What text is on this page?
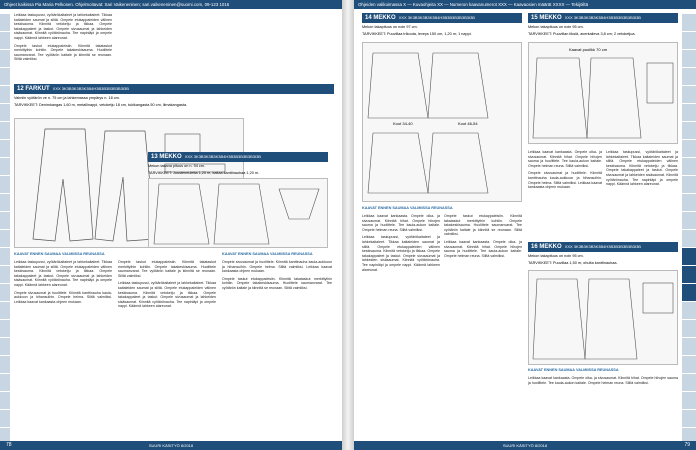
Ohjeet kaikissa Pia Maria Pelkosen. Ohjelmoitavat: Sari Vaikeneninen; sari.vaikeneninen@suomi.com, 09-123 1016
Leikkaa taskupussi, vyötärökaitaleet ja lahkekaitaleet. Tikkaa kaitaleiden saumat ja silitä. Ompele etukappaleiden välinen keskisauma. Kiinnitä vetoketju ja tikkaa. Ompele takakappaleet ja taskut. Ompele sivusaumat ja lahkeiden sisäsaumat. Kiinnitä vyötärönauha. Tee napinläpi ja ompele nappi. Käännä lahkeen alareunat.
Ompele taskut etukappaleisiin. Kiinnitä takataskut merkittyihin kohtiin. Ompele takakeskisauma. Huolittele saumanvarat. Tee vyötärön kaitale ja kiinnitä se reunaan. Silitä valmiiksi.
12 FARKUT XXX 3K3B3K3B3K3B4H3B3B3B3B3B3I3B
Valmiin vyötärön ve n. 75 cm ja lahkemassa ympärys n. 18 cm.
TARVIKKEET: Denimkangas 1,60 m, metallinappi, vetoketju 18 cm, tukikangasta 50 cm, liimakangasta.
KAAVAT ENNEN SAUMAA VALMIISSA REUNASSA
Leikkaa taskupussi, vyötärökaitaleet ja lahkekaitaleet. Tikkaa kaitaleiden saumat ja silitä. Ompele etukappaleiden välinen keskisauma. Kiinnitä vetoketju ja tikkaa. Ompele takakappaleet ja taskut. Ompele sivusaumat ja lahkeiden sisäsaumat. Kiinnitä vyötärönauha. Tee napinläpi ja ompele nappi. Käännä lahkeen alareunat.
Ompele sivusaumat ja huolittele. Kiinnitä kanttinauha kaula-aukkoon ja hihansuihin. Ompele helma. Silitä valmiiksi. Leikkaa kaavat kankaasta ohjeen mukaan.
Ompele taskut etukappaleisiin. Kiinnitä takataskut merkittyihin kohtiin. Ompele takakeskisauma. Huolittele saumanvarat. Tee vyötärön kaitale ja kiinnitä se reunaan. Silitä valmiiksi.
Leikkaa taskupussi, vyötärökaitaleet ja lahkekaitaleet. Tikkaa kaitaleiden saumat ja silitä. Ompele etukappaleiden välinen keskisauma. Kiinnitä vetoketju ja tikkaa. Ompele takakappaleet ja taskut. Ompele sivusaumat ja lahkeiden sisäsaumat. Kiinnitä vyötärönauha. Tee napinläpi ja ompele nappi. Käännä lahkeen alareunat.
13 MEKKO XXX 3K3B3K3B3K3B4H3B3B3B3B3B3I3B
Mekon takana pituus on n. 94 cm.
TARVIKKEET: Jousteneuletta 1,20 m, kaitaa kanttinauhaa 1,20 m.
KAAVAT ENNEN SAUMAA VALMIISSA REUNASSA
Ompele sivusaumat ja huolittele. Kiinnitä kanttinauha kaula-aukkoon ja hihansuihin. Ompele helma. Silitä valmiiksi. Leikkaa kaavat kankaasta ohjeen mukaan.
Ompele taskut etukappaleisiin. Kiinnitä takataskut merkittyihin kohtiin. Ompele takakeskisauma. Huolittele saumanvarat. Tee vyötärön kaitale ja kiinnitä se reunaan. Silitä valmiiksi.
SUURI KÄSITYÖ 8/2018
78
Ohjeiden valikoimassa X — Kuvaohjeita XX — Numeron kaavanumerot XXX — Kaavaosien määrät XXXX — Tekijöiltä
14 MEKKO XXX 3K3B3K3B3K3B4H3B3B3B3B3B3I3B
Mekon takapituus on noin 97 cm.
TARVIKKEET: Puuvillaa trikoota, leveys 150 cm, 1,20 m; 1 nappi.
Koot 34-40	Koot 46-54
KAAVAT ENNEN SAUMAA VALMIISSA REUNASSA
Leikkaa kaavat kankaasta. Ompele olka- ja sivusaumat. Kiinnitä hihat. Ompele hihojen sauma ja huolittele. Tee kaula-aukon kaitale. Ompele helman reuna. Silitä valmiiksi.
Leikkaa taskupussi, vyötärökaitaleet ja lahkekaitaleet. Tikkaa kaitaleiden saumat ja silitä. Ompele etukappaleiden välinen keskisauma. Kiinnitä vetoketju ja tikkaa. Ompele takakappaleet ja taskut. Ompele sivusaumat ja lahkeiden sisäsaumat. Kiinnitä vyötärönauha. Tee napinläpi ja ompele nappi. Käännä lahkeen alareunat.
Ompele taskut etukappaleisiin. Kiinnitä takataskut merkittyihin kohtiin. Ompele takakeskisauma. Huolittele saumanvarat. Tee vyötärön kaitale ja kiinnitä se reunaan. Silitä valmiiksi.
Leikkaa kaavat kankaasta. Ompele olka- ja sivusaumat. Kiinnitä hihat. Ompele hihojen sauma ja huolittele. Tee kaula-aukon kaitale. Ompele helman reuna. Silitä valmiiksi.
15 MEKKO XXX 3K3B3K3B3K3B4H3B3B3B3B3B3I3B
Mekon takapituus on noin 95 cm.
TARVIKKEET: Puuvillan tiksiä, aventaileva 3,8 cm; 2 vetoketjua.
Kaavat puolikk 70 cm
Leikkaa kaavat kankaasta. Ompele olka- ja sivusaumat. Kiinnitä hihat. Ompele hihojen sauma ja huolittele. Tee kaula-aukon kaitale. Ompele helman reuna. Silitä valmiiksi.
Ompele sivusaumat ja huolittele. Kiinnitä kanttinauha kaula-aukkoon ja hihansuihin. Ompele helma. Silitä valmiiksi. Leikkaa kaavat kankaasta ohjeen mukaan.
Leikkaa taskupussi, vyötärökaitaleet ja lahkekaitaleet. Tikkaa kaitaleiden saumat ja silitä. Ompele etukappaleiden välinen keskisauma. Kiinnitä vetoketju ja tikkaa. Ompele takakappaleet ja taskut. Ompele sivusaumat ja lahkeiden sisäsaumat. Kiinnitä vyötärönauha. Tee napinläpi ja ompele nappi. Käännä lahkeen alareunat.
16 MEKKO XXX 3K3B3K3B3K3B4H3B3B3B3B3B3I3B
Mekon takapituus on noin 95 cm.
TARVIKKEET: Puuvillaa 1,50 m; ohutta kanttinauhaa.
KAAVAT ENNEN SAUMAA VALMIISSA REUNASSA
Leikkaa kaavat kankaasta. Ompele olka- ja sivusaumat. Kiinnitä hihat. Ompele hihojen sauma ja huolittele. Tee kaula-aukon kaitale. Ompele helman reuna. Silitä valmiiksi.
SUURI KÄSITYÖ 8/2018	79
